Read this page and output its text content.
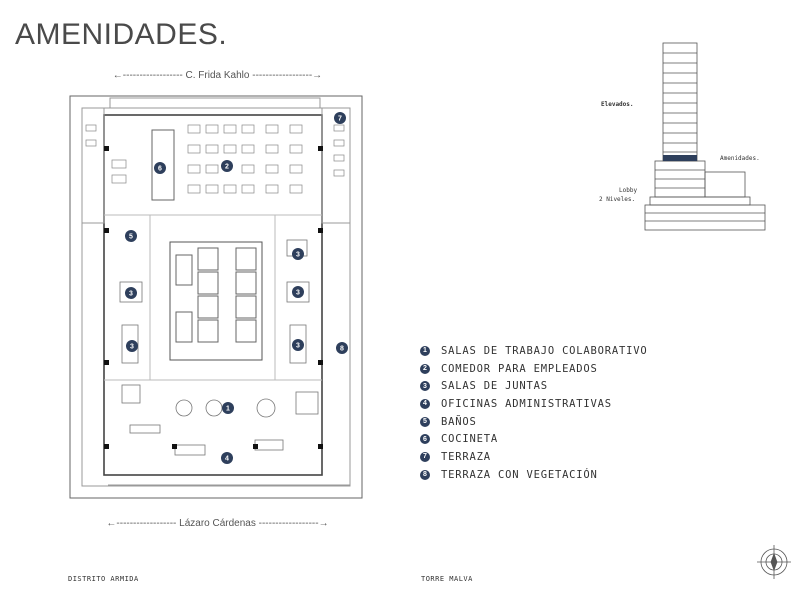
AMENIDADES.
←------------------ C. Frida Kahlo ------------------→
←------------------ Lázaro Cárdenas ------------------→
1
2
3
3	3
3	3
4
5
6
7
8
Elevados.
Amenidades.
Lobby
2 Niveles.
1 SALAS DE TRABAJO COLABORATIVO
2 COMEDOR PARA EMPLEADOS
3 SALAS DE JUNTAS
4 OFICINAS ADMINISTRATIVAS
5 BAÑOS
6 COCINETA
7 TERRAZA
8 TERRAZA CON VEGETACIÓN
DISTRITO ARMIDA	TORRE MALVA
